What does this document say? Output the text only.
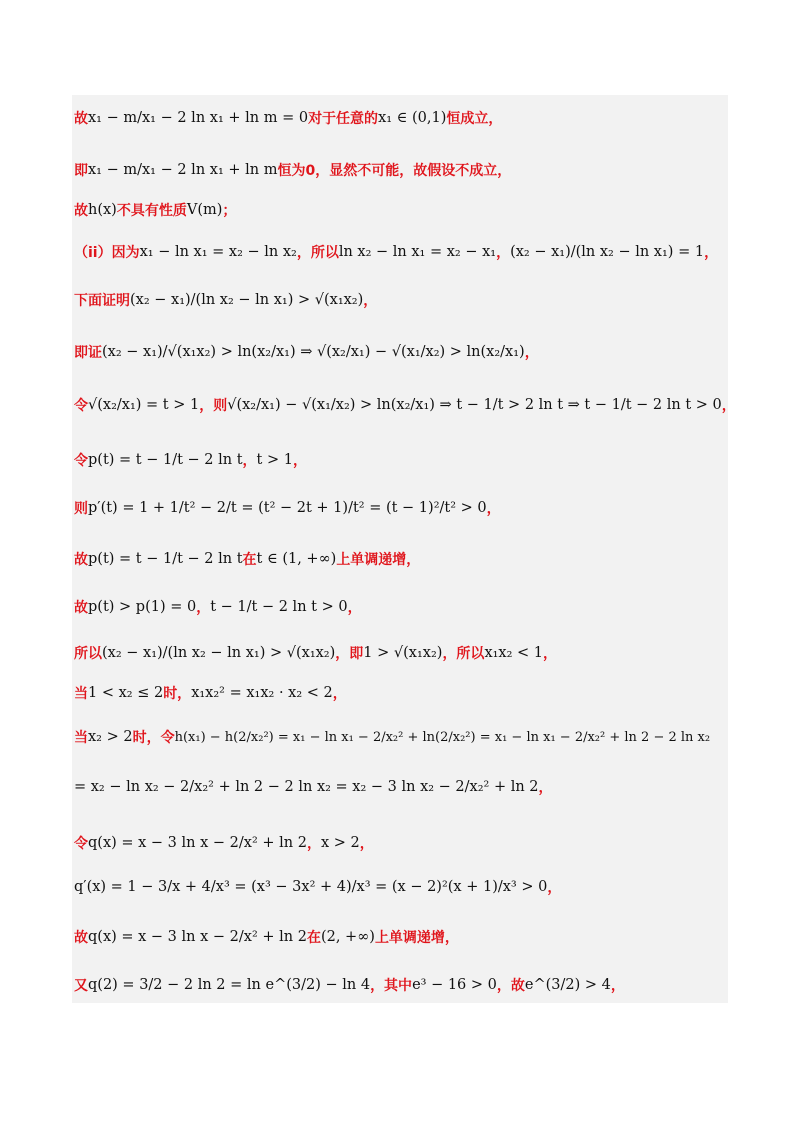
故 x₁ − m/x₁ − 2 ln x₁ + ln m = 0 对于任意的 x₁ ∈ (0,1) 恒成立，
即 x₁ − m/x₁ − 2 ln x₁ + ln m 恒为0，显然不可能，故假设不成立，
故 h(x) 不具有性质 V(m) ；
（ii）因为 x₁ − ln x₁ = x₂ − ln x₂ ，所以 ln x₂ − ln x₁ = x₂ − x₁ ， (x₂ − x₁)/(ln x₂ − ln x₁) = 1 ，
下面证明 (x₂ − x₁)/(ln x₂ − ln x₁) > √(x₁x₂) ，
即证 (x₂ − x₁)/√(x₁x₂) > ln(x₂/x₁) ⇒ √(x₂/x₁) − √(x₁/x₂) > ln(x₂/x₁) ，
令 √(x₂/x₁) = t > 1 ，则 √(x₂/x₁) − √(x₁/x₂) > ln(x₂/x₁) ⇒ t − 1/t > 2 ln t ⇒ t − 1/t − 2 ln t > 0 ，
令 p(t) = t − 1/t − 2 ln t ， t > 1 ，
则 p′(t) = 1 + 1/t² − 2/t = (t² − 2t + 1)/t² = (t − 1)²/t² > 0 ，
故 p(t) = t − 1/t − 2 ln t 在 t ∈ (1, +∞) 上单调递增，
故 p(t) > p(1) = 0 ， t − 1/t − 2 ln t > 0 ，
所以 (x₂ − x₁)/(ln x₂ − ln x₁) > √(x₁x₂) ，即 1 > √(x₁x₂) ，所以 x₁x₂ < 1 ，
当 1 < x₂ ≤ 2 时， x₁x₂² = x₁x₂ · x₂ < 2 ，
当 x₂ > 2 时，令 h(x₁) − h(2/x₂²) = x₁ − ln x₁ − 2/x₂² + ln(2/x₂²) = x₁ − ln x₁ − 2/x₂² + ln 2 − 2 ln x₂
= x₂ − ln x₂ − 2/x₂² + ln 2 − 2 ln x₂ = x₂ − 3 ln x₂ − 2/x₂² + ln 2 ，
令 q(x) = x − 3 ln x − 2/x² + ln 2 ， x > 2 ，
q′(x) = 1 − 3/x + 4/x³ = (x³ − 3x² + 4)/x³ = (x − 2)²(x + 1)/x³ > 0 ，
故 q(x) = x − 3 ln x − 2/x² + ln 2 在 (2, +∞) 上单调递增，
又 q(2) = 3/2 − 2 ln 2 = ln e^(3/2) − ln 4 ，其中 e³ − 16 > 0 ，故 e^(3/2) > 4 ，
